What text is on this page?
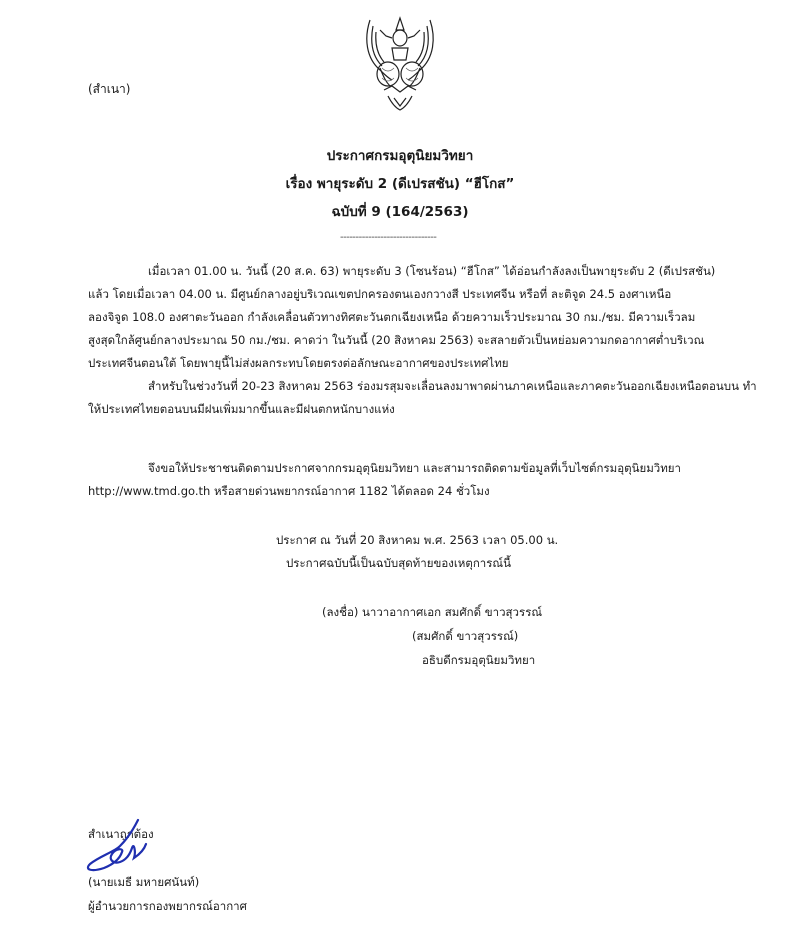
(สำเนา)
ประกาศกรมอุตุนิยมวิทยา
เรื่อง พายุระดับ 2 (ดีเปรสชัน) “ฮีโกส”
ฉบับที่ 9 (164/2563)
-------------------------------
เมื่อเวลา 01.00 น. วันนี้ (20 ส.ค. 63) พายุระดับ 3 (โซนร้อน) “ฮีโกส” ได้อ่อนกำลังลงเป็นพายุระดับ 2 (ดีเปรสชัน)
แล้ว โดยเมื่อเวลา 04.00 น. มีศูนย์กลางอยู่บริเวณเขตปกครองตนเองกวางสี ประเทศจีน หรือที่ ละติจูด 24.5 องศาเหนือ
ลองจิจูด 108.0 องศาตะวันออก กำลังเคลื่อนตัวทางทิศตะวันตกเฉียงเหนือ ด้วยความเร็วประมาณ 30 กม./ชม. มีความเร็วลม
สูงสุดใกล้ศูนย์กลางประมาณ 50 กม./ชม. คาดว่า ในวันนี้ (20 สิงหาคม 2563) จะสลายตัวเป็นหย่อมความกดอากาศต่ำบริเวณ
ประเทศจีนตอนใต้ โดยพายุนี้ไม่ส่งผลกระทบโดยตรงต่อลักษณะอากาศของประเทศไทย
สำหรับในช่วงวันที่ 20-23 สิงหาคม 2563 ร่องมรสุมจะเลื่อนลงมาพาดผ่านภาคเหนือและภาคตะวันออกเฉียงเหนือตอนบน ทำ
ให้ประเทศไทยตอนบนมีฝนเพิ่มมากขึ้นและมีฝนตกหนักบางแห่ง
จึงขอให้ประชาชนติดตามประกาศจากกรมอุตุนิยมวิทยา และสามารถติดตามข้อมูลที่เว็บไซต์กรมอุตุนิยมวิทยา
http://www.tmd.go.th หรือสายด่วนพยากรณ์อากาศ 1182 ได้ตลอด 24 ชั่วโมง
ประกาศ ณ วันที่ 20 สิงหาคม พ.ศ. 2563 เวลา 05.00 น.
ประกาศฉบับนี้เป็นฉบับสุดท้ายของเหตุการณ์นี้
(ลงชื่อ) นาวาอากาศเอก สมศักดิ์ ขาวสุวรรณ์
(สมศักดิ์ ขาวสุวรรณ์)
อธิบดีกรมอุตุนิยมวิทยา
สำเนาถูกต้อง
(นายเมธี มหายศนันท์)
ผู้อำนวยการกองพยากรณ์อากาศ
